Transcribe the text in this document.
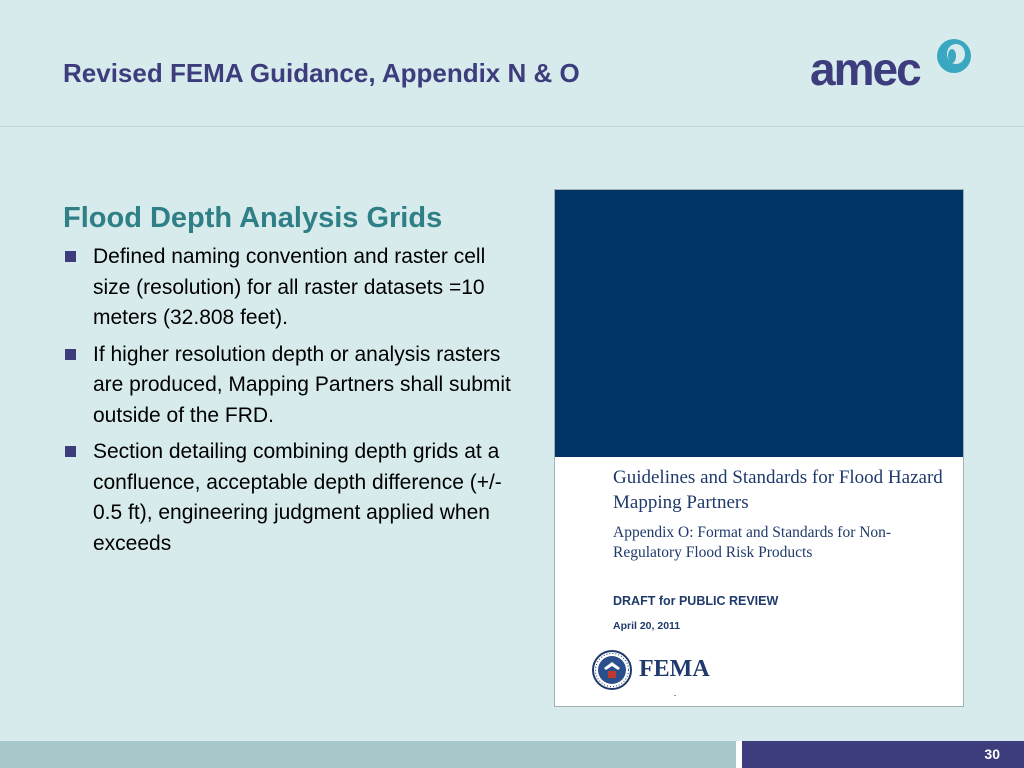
Revised FEMA Guidance, Appendix N & O	amec
Flood Depth Analysis Grids
Defined naming convention and raster cell size (resolution) for all raster datasets =10 meters (32.808 feet).
If higher resolution depth or analysis rasters are produced, Mapping Partners shall submit outside of the FRD.
Section detailing combining depth grids at a confluence, acceptable depth difference (+/- 0.5 ft), engineering judgment applied when exceeds
Guidelines and Standards for Flood Hazard Mapping Partners
Appendix O: Format and Standards for Non-Regulatory Flood Risk Products
DRAFT for PUBLIC REVIEW
April 20, 2011
FEMA
30
